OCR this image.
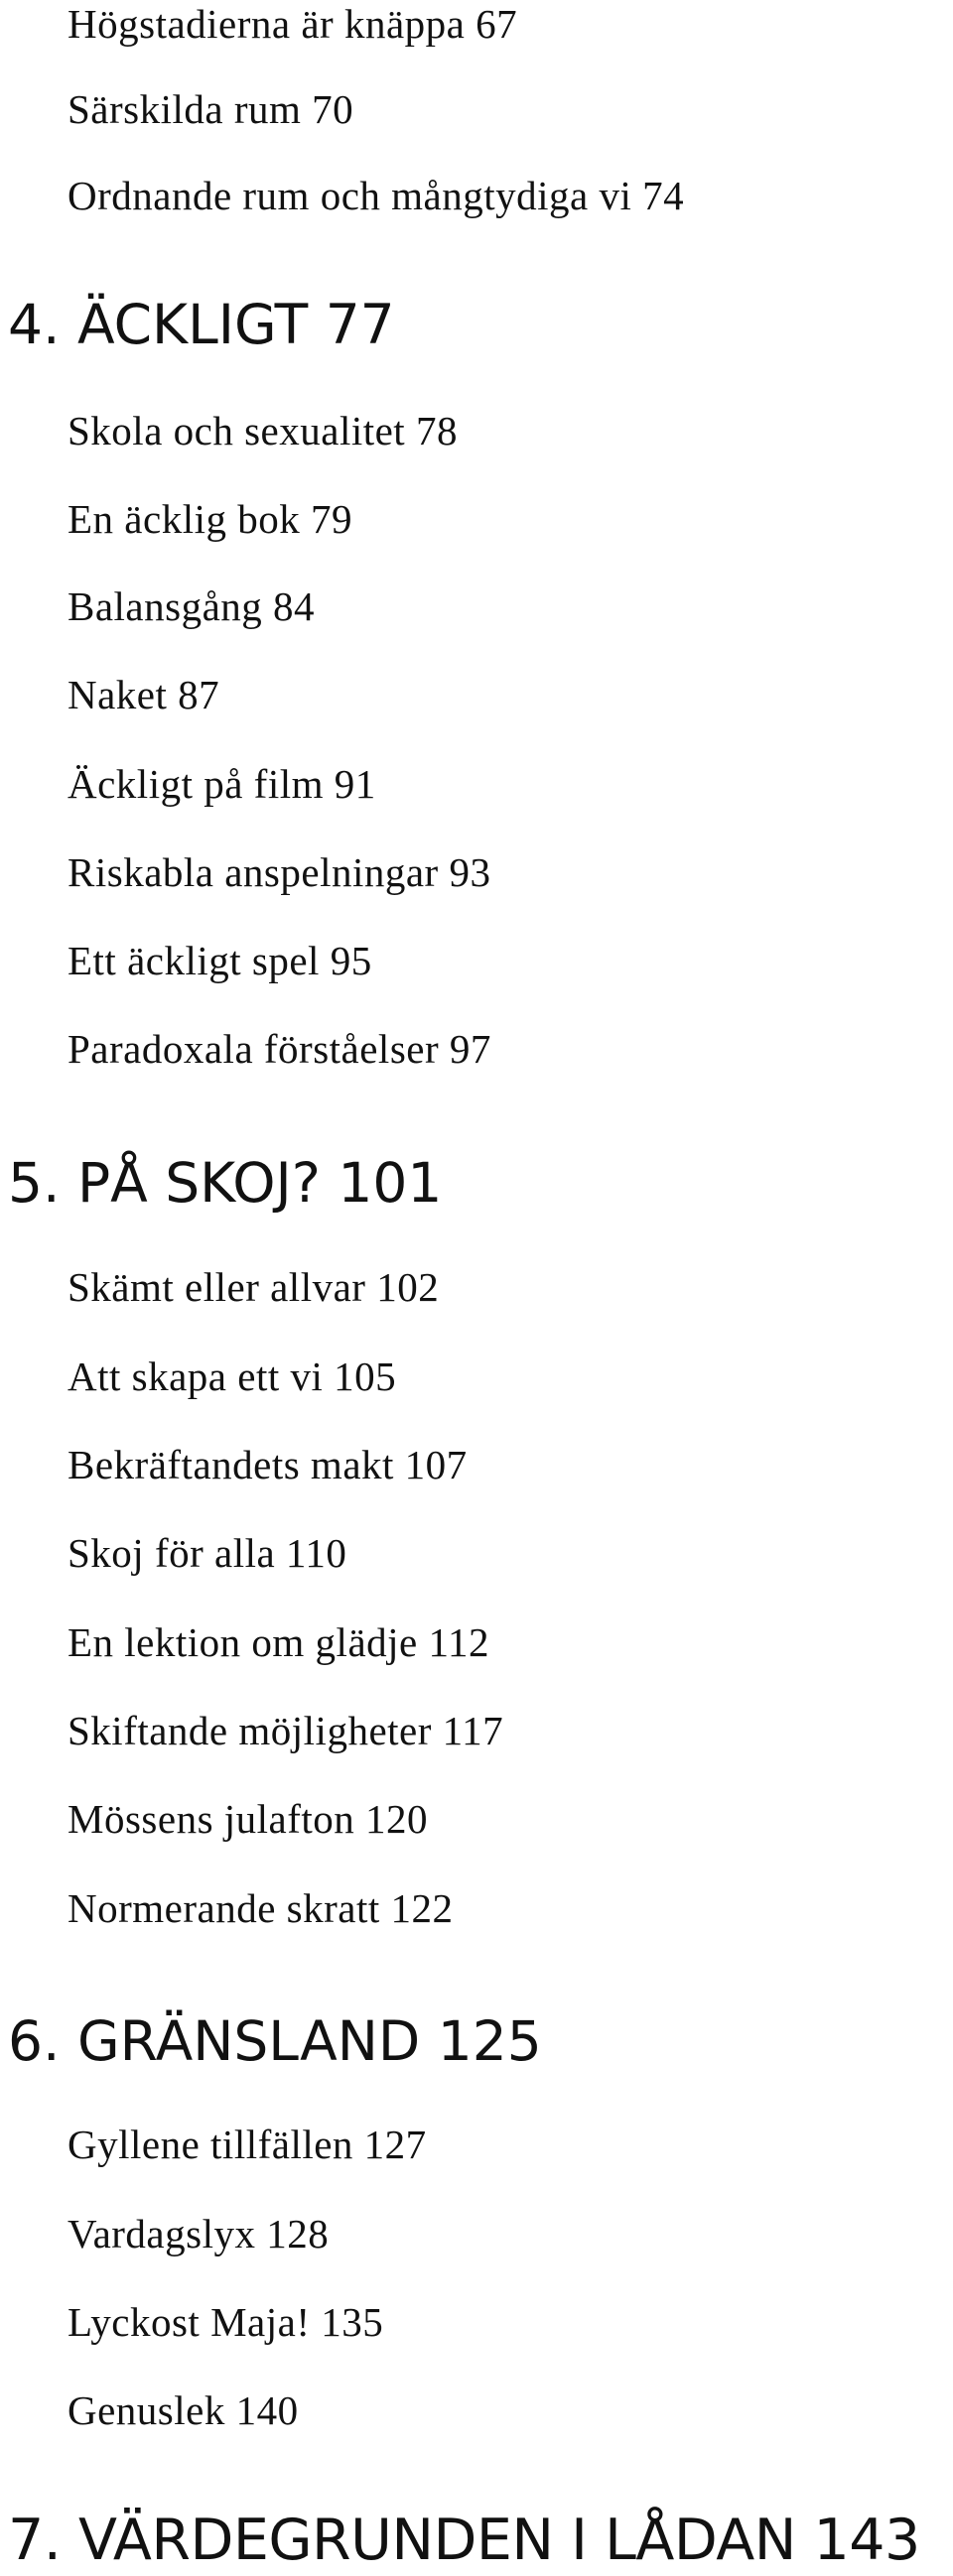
Högstadierna är knäppa 67
Särskilda rum 70
Ordnande rum och mångtydiga vi 74
4. ÄCKLIGT 77
Skola och sexualitet 78
En äcklig bok 79
Balansgång 84
Naket 87
Äckligt på film 91
Riskabla anspelningar 93
Ett äckligt spel 95
Paradoxala förståelser 97
5. PÅ SKOJ? 101
Skämt eller allvar 102
Att skapa ett vi 105
Bekräftandets makt 107
Skoj för alla 110
En lektion om glädje 112
Skiftande möjligheter 117
Mössens julafton 120
Normerande skratt 122
6. GRÄNSLAND 125
Gyllene tillfällen 127
Vardagslyx 128
Lyckost Maja! 135
Genuslek 140
7. VÄRDEGRUNDEN I LÅDAN 143
